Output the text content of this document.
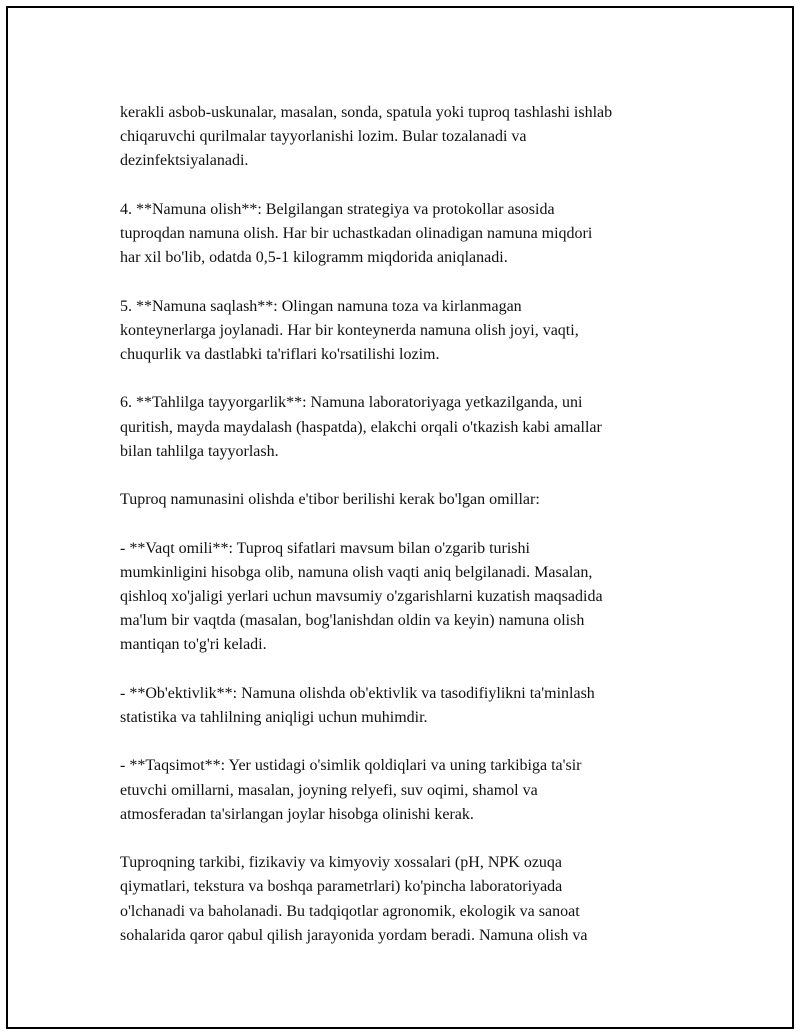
kerakli asbob-uskunalar, masalan, sonda, spatula yoki tuproq tashlashi ishlab
chiqaruvchi qurilmalar tayyorlanishi lozim. Bular tozalanadi va
dezinfektsiyalanadi.

4. **Namuna olish**: Belgilangan strategiya va protokollar asosida
tuproqdan namuna olish. Har bir uchastkadan olinadigan namuna miqdori
har xil bo'lib, odatda 0,5-1 kilogramm miqdorida aniqlanadi.

5. **Namuna saqlash**: Olingan namuna toza va kirlanmagan
konteynerlarga joylanadi. Har bir konteynerda namuna olish joyi, vaqti,
chuqurlik va dastlabki ta'riflari ko'rsatilishi lozim.

6. **Tahlilga tayyorgarlik**: Namuna laboratoriyaga yetkazilganda, uni
quritish, mayda maydalash (haspatda), elakchi orqali o'tkazish kabi amallar
bilan tahlilga tayyorlash.

Tuproq namunasini olishda e'tibor berilishi kerak bo'lgan omillar:

- **Vaqt omili**: Tuproq sifatlari mavsum bilan o'zgarib turishi
mumkinligini hisobga olib, namuna olish vaqti aniq belgilanadi. Masalan,
qishloq xo'jaligi yerlari uchun mavsumiy o'zgarishlarni kuzatish maqsadida
ma'lum bir vaqtda (masalan, bog'lanishdan oldin va keyin) namuna olish
mantiqan to'g'ri keladi.

- **Ob'ektivlik**: Namuna olishda ob'ektivlik va tasodifiylikni ta'minlash
statistika va tahlilning aniqligi uchun muhimdir.

- **Taqsimot**: Yer ustidagi o'simlik qoldiqlari va uning tarkibiga ta'sir
etuvchi omillarni, masalan, joyning relyefi, suv oqimi, shamol va
atmosferadan ta'sirlangan joylar hisobga olinishi kerak.

Tuproqning tarkibi, fizikaviy va kimyoviy xossalari (pH, NPK ozuqa
qiymatlari, tekstura va boshqa parametrlari) ko'pincha laboratoriyada
o'lchanadi va baholanadi. Bu tadqiqotlar agronomik, ekologik va sanoat
sohalarida qaror qabul qilish jarayonida yordam beradi. Namuna olish va
